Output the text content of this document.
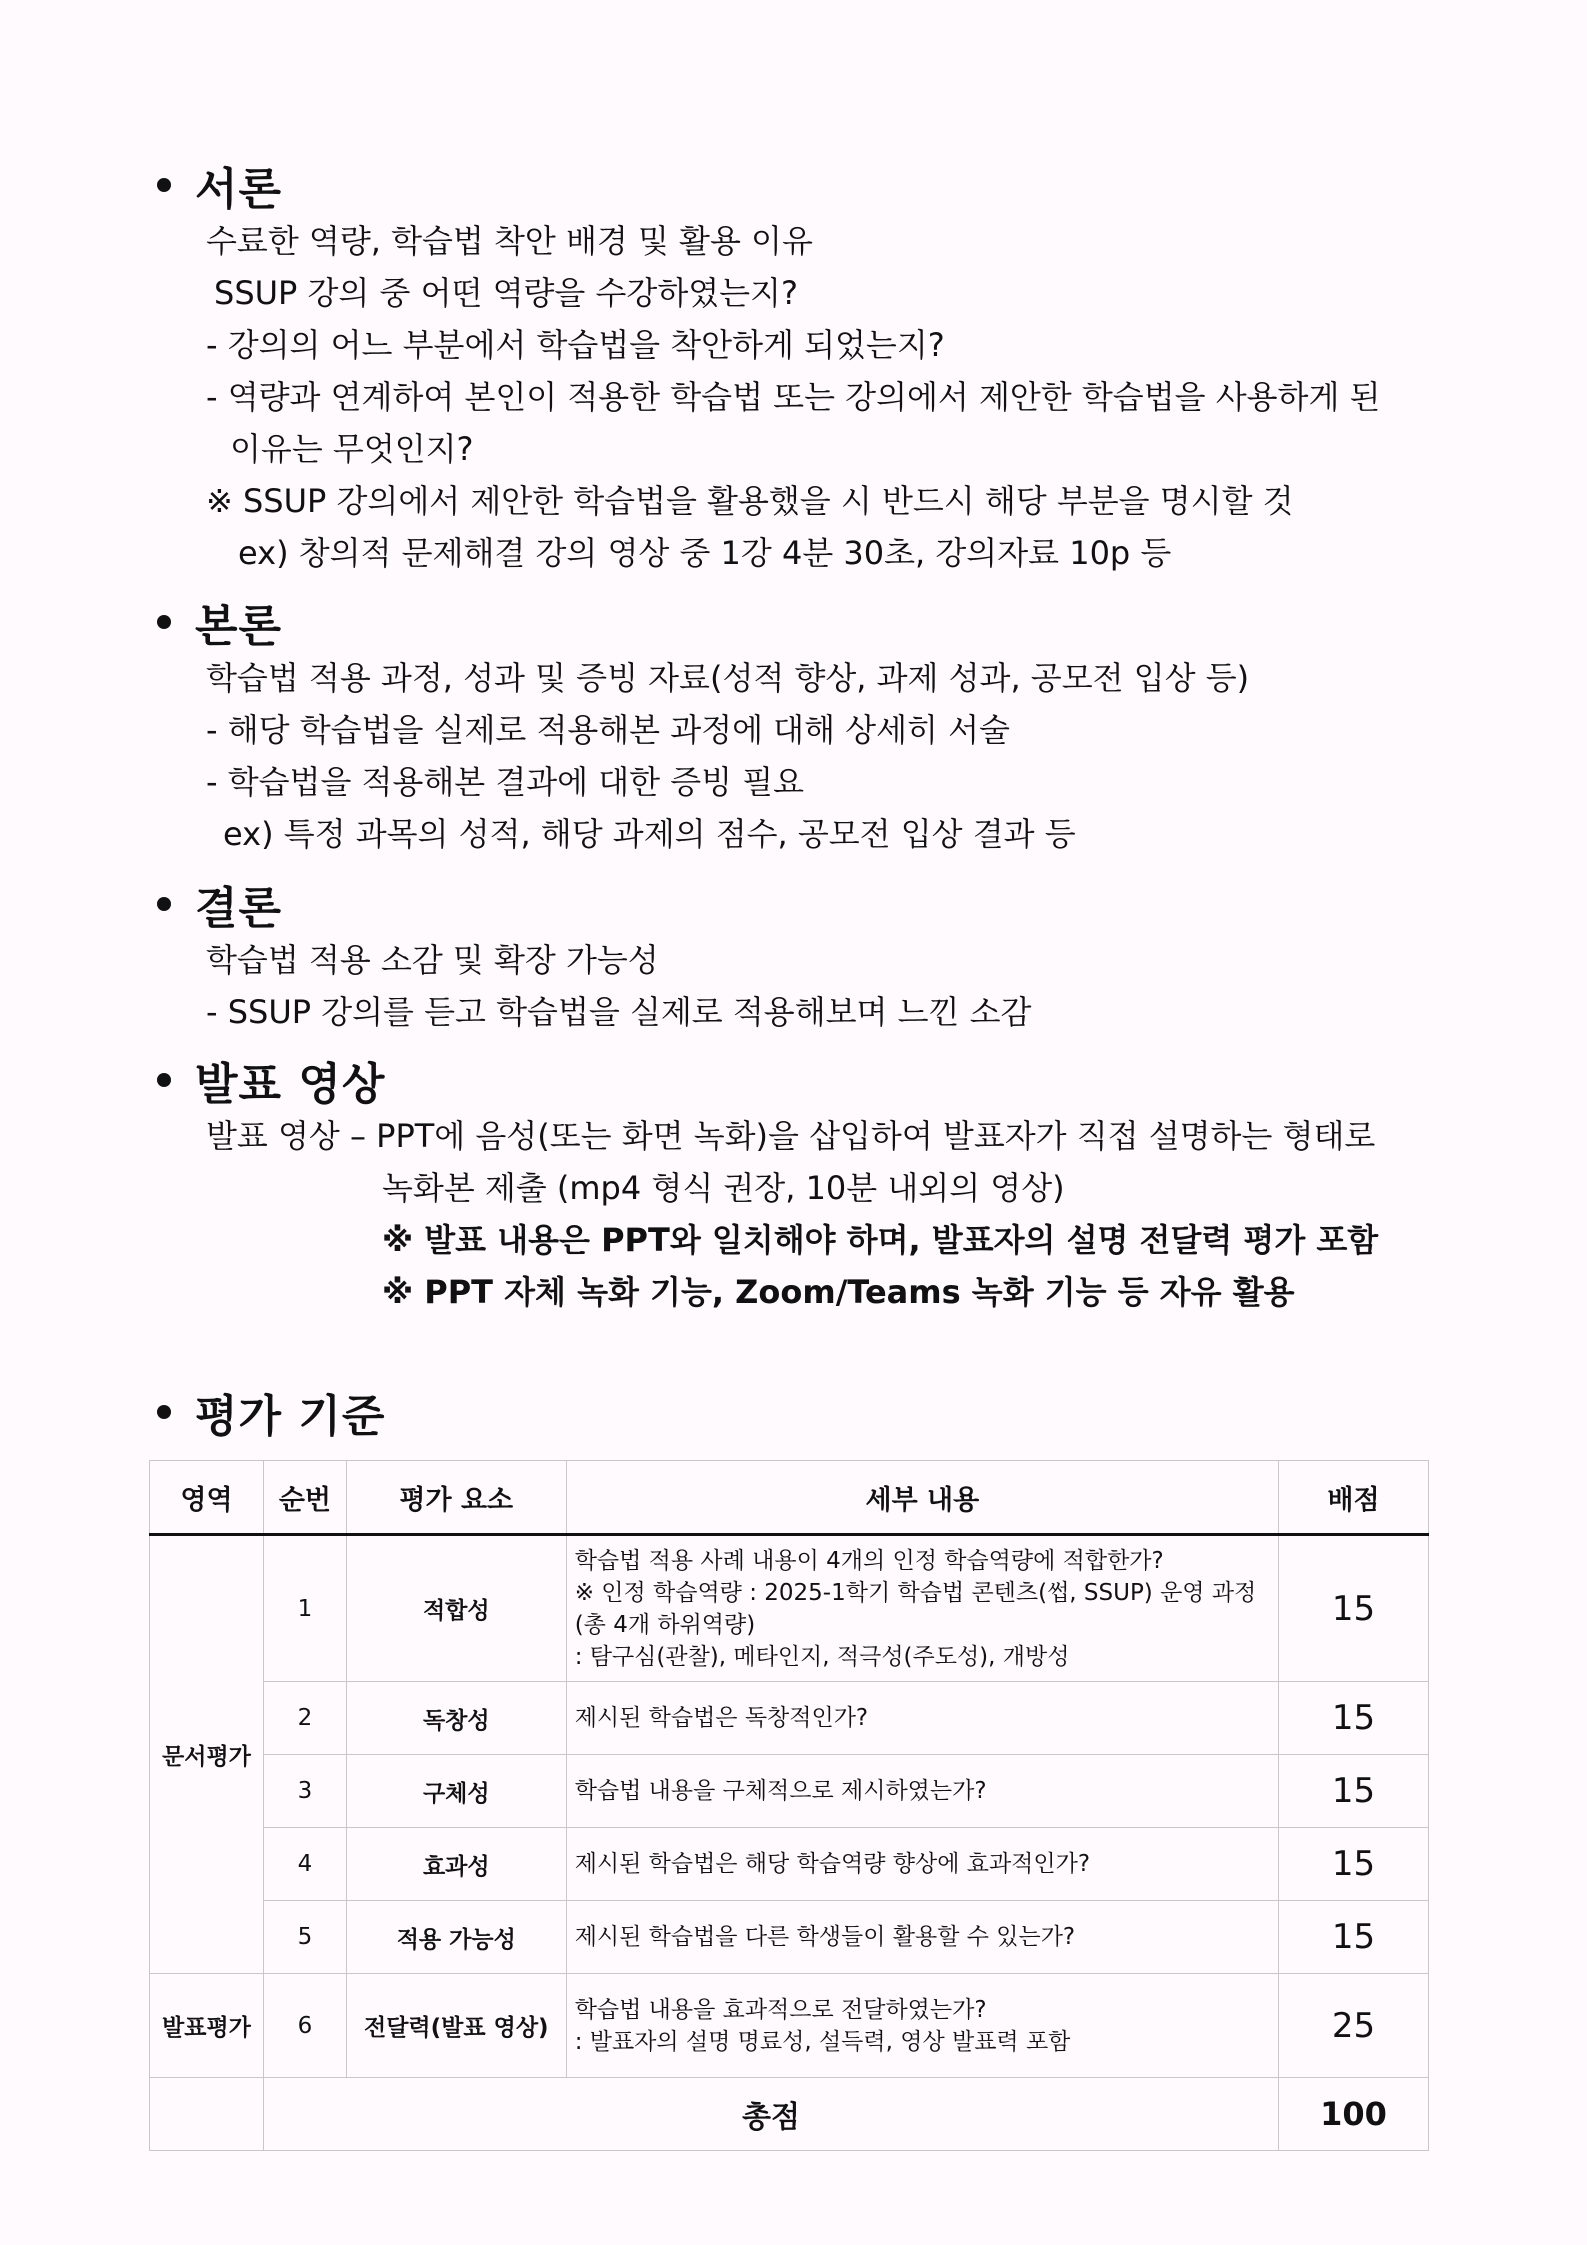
서론
수료한 역량, 학습법 착안 배경 및 활용 이유
SSUP 강의 중 어떤 역량을 수강하였는지?
- 강의의 어느 부분에서 학습법을 착안하게 되었는지?
- 역량과 연계하여 본인이 적용한 학습법 또는 강의에서 제안한 학습법을 사용하게 된
이유는 무엇인지?
※ SSUP 강의에서 제안한 학습법을 활용했을 시 반드시 해당 부분을 명시할 것
ex) 창의적 문제해결 강의 영상 중 1강 4분 30초, 강의자료 10p 등
본론
학습법 적용 과정, 성과 및 증빙 자료(성적 향상, 과제 성과, 공모전 입상 등)
- 해당 학습법을 실제로 적용해본 과정에 대해 상세히 서술
- 학습법을 적용해본 결과에 대한 증빙 필요
ex) 특정 과목의 성적, 해당 과제의 점수, 공모전 입상 결과 등
결론
학습법 적용 소감 및 확장 가능성
- SSUP 강의를 듣고 학습법을 실제로 적용해보며 느낀 소감
발표 영상
발표 영상 – PPT에 음성(또는 화면 녹화)을 삽입하여 발표자가 직접 설명하는 형태로
녹화본 제출 (mp4 형식 권장, 10분 내외의 영상)
※ 발표 내용은 PPT와 일치해야 하며, 발표자의 설명 전달력 평가 포함
※ PPT 자체 녹화 기능, Zoom/Teams 녹화 기능 등 자유 활용
평가 기준
영역	순번	평가 요소	세부 내용	배점
문서평가	1	적합성	학습법 적용 사례 내용이 4개의 인정 학습역량에 적합한가?
※ 인정 학습역량 : 2025-1학기 학습법 콘텐츠(썹, SSUP) 운영 과정
(총 4개 하위역량)
: 탐구심(관찰), 메타인지, 적극성(주도성), 개방성	15
	2	독창성	제시된 학습법은 독창적인가?	15
	3	구체성	학습법 내용을 구체적으로 제시하였는가?	15
	4	효과성	제시된 학습법은 해당 학습역량 향상에 효과적인가?	15
	5	적용 가능성	제시된 학습법을 다른 학생들이 활용할 수 있는가?	15
발표평가	6	전달력(발표 영상)	학습법 내용을 효과적으로 전달하였는가?
: 발표자의 설명 명료성, 설득력, 영상 발표력 포함	25
	총점			100
